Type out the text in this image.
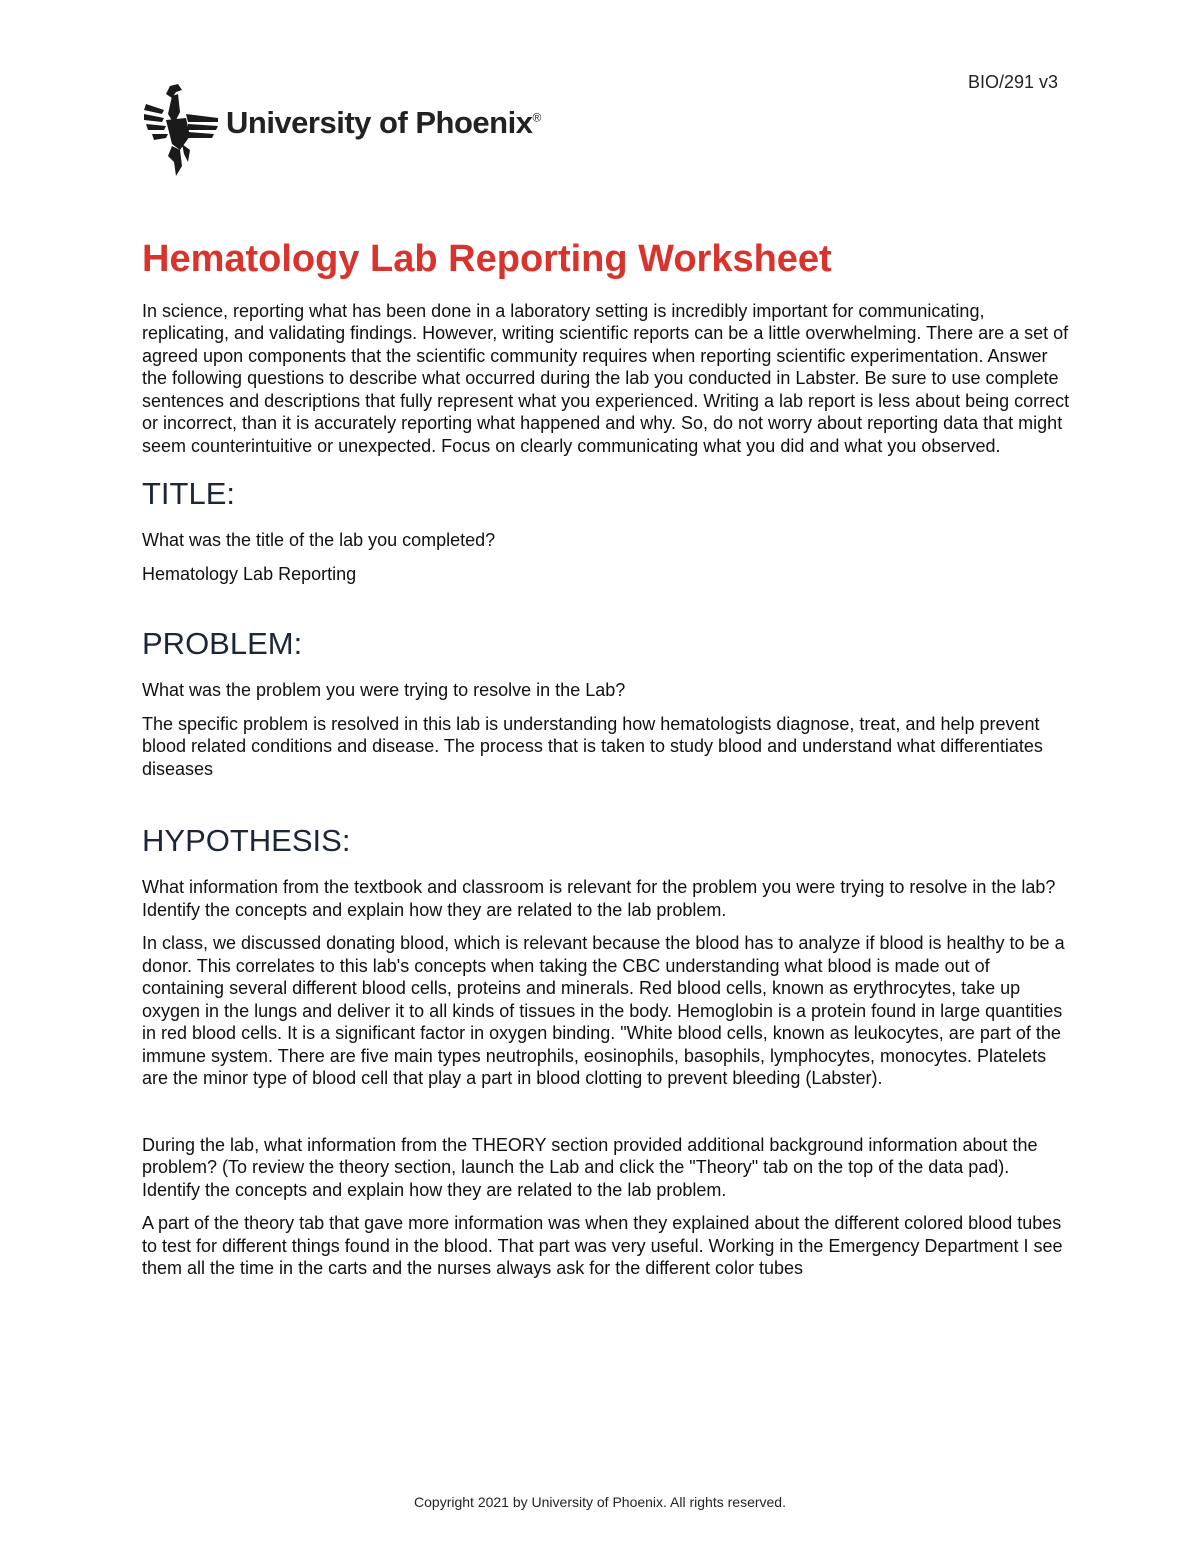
BIO/291 v3
University of Phoenix®
Hematology Lab Reporting Worksheet

In science, reporting what has been done in a laboratory setting is incredibly important for communicating, replicating, and validating findings. However, writing scientific reports can be a little overwhelming. There are a set of agreed upon components that the scientific community requires when reporting scientific experimentation. Answer the following questions to describe what occurred during the lab you conducted in Labster. Be sure to use complete sentences and descriptions that fully represent what you experienced. Writing a lab report is less about being correct or incorrect, than it is accurately reporting what happened and why. So, do not worry about reporting data that might seem counterintuitive or unexpected. Focus on clearly communicating what you did and what you observed.

TITLE:

What was the title of the lab you completed?

Hematology Lab Reporting

PROBLEM:

What was the problem you were trying to resolve in the Lab?

The specific problem is resolved in this lab is understanding how hematologists diagnose, treat, and help prevent blood related conditions and disease. The process that is taken to study blood and understand what differentiates diseases

HYPOTHESIS:

What information from the textbook and classroom is relevant for the problem you were trying to resolve in the lab? Identify the concepts and explain how they are related to the lab problem.

In class, we discussed donating blood, which is relevant because the blood has to analyze if blood is healthy to be a donor. This correlates to this lab's concepts when taking the CBC understanding what blood is made out of containing several different blood cells, proteins and minerals. Red blood cells, known as erythrocytes, take up oxygen in the lungs and deliver it to all kinds of tissues in the body. Hemoglobin is a protein found in large quantities in red blood cells. It is a significant factor in oxygen binding. "White blood cells, known as leukocytes, are part of the immune system. There are five main types neutrophils, eosinophils, basophils, lymphocytes, monocytes. Platelets are the minor type of blood cell that play a part in blood clotting to prevent bleeding (Labster).

During the lab, what information from the THEORY section provided additional background information about the problem? (To review the theory section, launch the Lab and click the "Theory" tab on the top of the data pad). Identify the concepts and explain how they are related to the lab problem.

A part of the theory tab that gave more information was when they explained about the different colored blood tubes to test for different things found in the blood. That part was very useful. Working in the Emergency Department I see them all the time in the carts and the nurses always ask for the different color tubes

Copyright 2021 by University of Phoenix. All rights reserved.
